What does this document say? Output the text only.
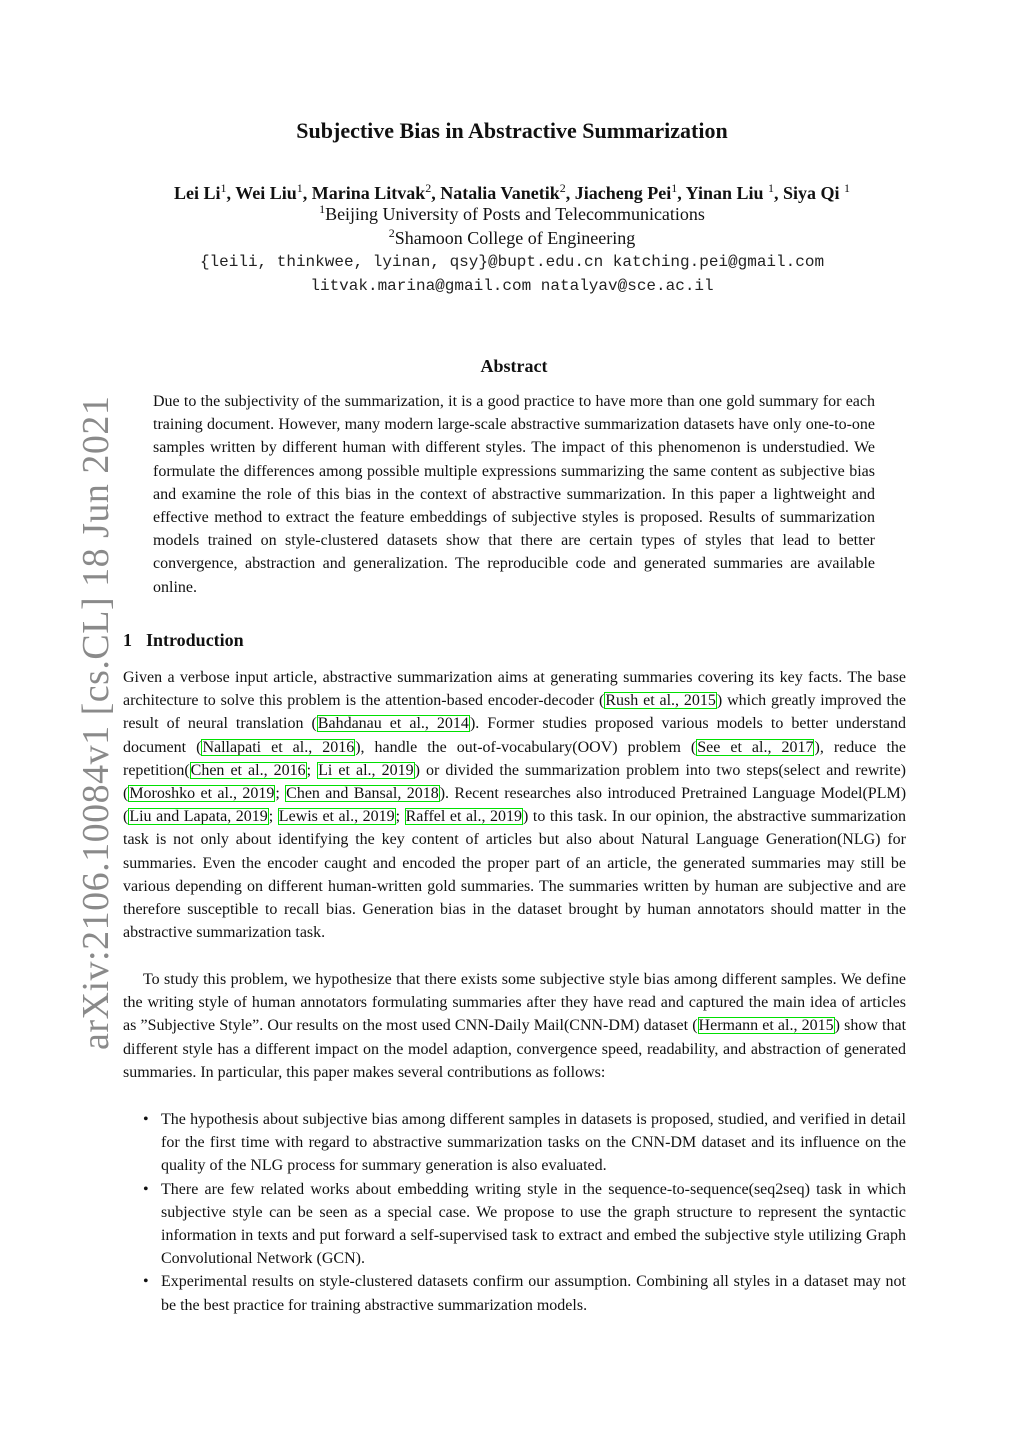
arXiv:2106.10084v1 [cs.CL] 18 Jun 2021
Subjective Bias in Abstractive Summarization
Lei Li$^1$, Wei Liu$^1$, Marina Litvak$^2$, Natalia Vanetik$^2$, Jiacheng Pei$^1$, Yinan Liu $^1$, Siya Qi $^1$
$^1$Beijing University of Posts and Telecommunications
$^2$Shamoon College of Engineering
{leili, thinkwee, lyinan, qsy}@bupt.edu.cn katching.pei@gmail.com
litvak.marina@gmail.com natalyav@sce.ac.il
Abstract
Due to the subjectivity of the summarization, it is a good practice to have more than one gold summary for each training document. However, many modern large-scale abstractive summarization datasets have only one-to-one samples written by different human with different styles. The impact of this phenomenon is understudied. We formulate the differences among possible multiple expressions summarizing the same content as subjective bias and examine the role of this bias in the context of abstractive summarization. In this paper a lightweight and effective method to extract the feature embeddings of subjective styles is proposed. Results of summarization models trained on style-clustered datasets show that there are certain types of styles that lead to better convergence, abstraction and generalization. The reproducible code and generated summaries are available online.
1 Introduction
Given a verbose input article, abstractive summarization aims at generating summaries covering its key facts. The base architecture to solve this problem is the attention-based encoder-decoder (Rush et al., 2015) which greatly improved the result of neural translation (Bahdanau et al., 2014). Former studies proposed various models to better understand document (Nallapati et al., 2016), handle the out-of-vocabulary(OOV) problem (See et al., 2017), reduce the repetition(Chen et al., 2016; Li et al., 2019) or divided the summarization problem into two steps(select and rewrite) (Moroshko et al., 2019; Chen and Bansal, 2018). Recent researches also introduced Pretrained Language Model(PLM) (Liu and Lapata, 2019; Lewis et al., 2019; Raffel et al., 2019) to this task. In our opinion, the abstractive summarization task is not only about identifying the key content of articles but also about Natural Language Generation(NLG) for summaries. Even the encoder caught and encoded the proper part of an article, the generated summaries may still be various depending on different human-written gold summaries. The summaries written by human are subjective and are therefore susceptible to recall bias. Generation bias in the dataset brought by human annotators should matter in the abstractive summarization task.
To study this problem, we hypothesize that there exists some subjective style bias among different samples. We define the writing style of human annotators formulating summaries after they have read and captured the main idea of articles as ”Subjective Style”. Our results on the most used CNN-Daily Mail(CNN-DM) dataset (Hermann et al., 2015) show that different style has a different impact on the model adaption, convergence speed, readability, and abstraction of generated summaries. In particular, this paper makes several contributions as follows:
• The hypothesis about subjective bias among different samples in datasets is proposed, studied, and verified in detail for the first time with regard to abstractive summarization tasks on the CNN-DM dataset and its influence on the quality of the NLG process for summary generation is also evaluated.
• There are few related works about embedding writing style in the sequence-to-sequence(seq2seq) task in which subjective style can be seen as a special case. We propose to use the graph structure to represent the syntactic information in texts and put forward a self-supervised task to extract and embed the subjective style utilizing Graph Convolutional Network (GCN).
• Experimental results on style-clustered datasets confirm our assumption. Combining all styles in a dataset may not be the best practice for training abstractive summarization models.
